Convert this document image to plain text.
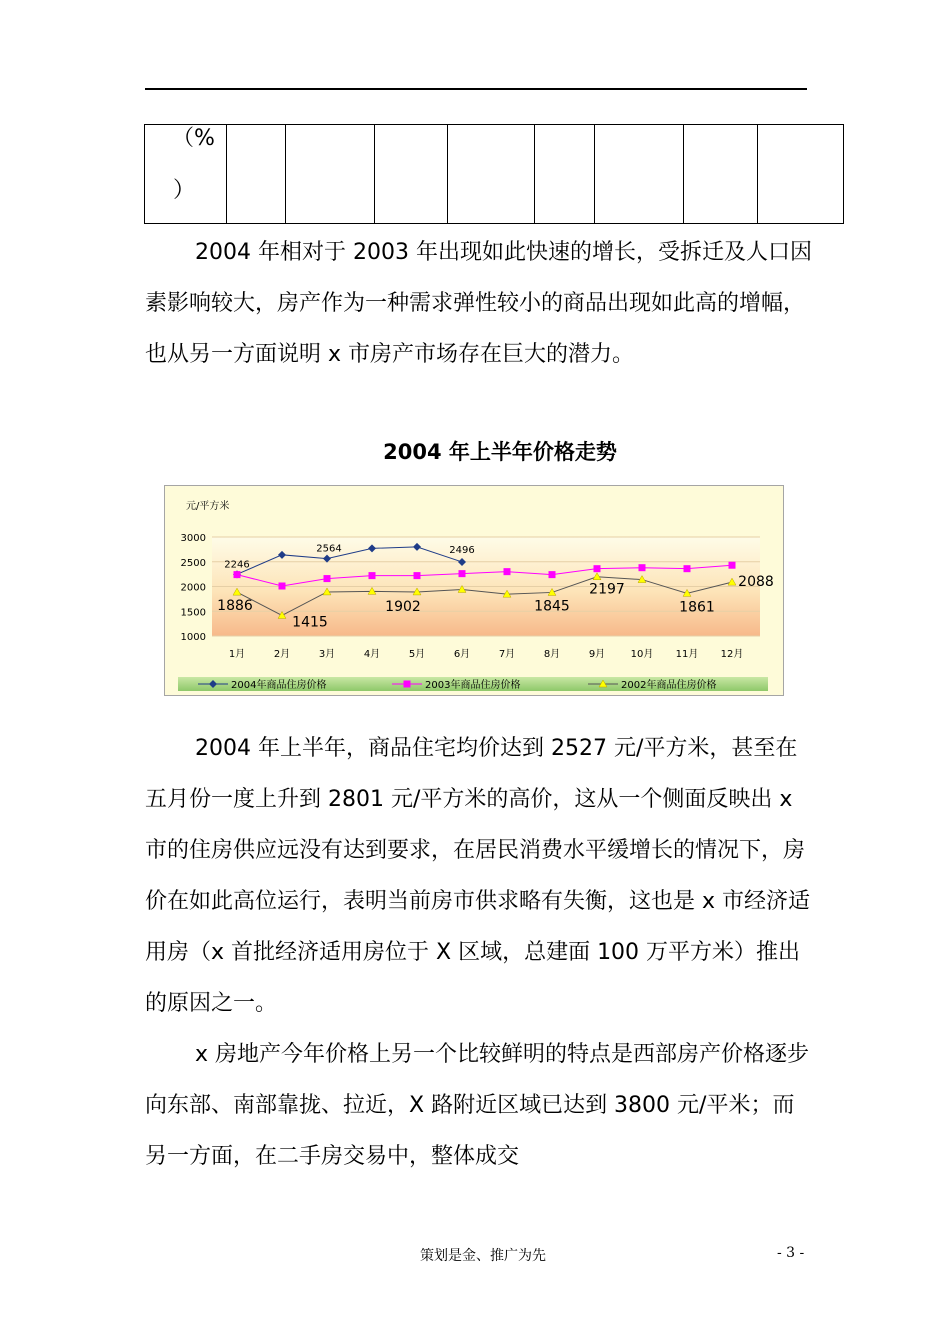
（%
）

2004 年相对于 2003 年出现如此快速的增长，受拆迁及人口因素影响较大，房产作为一种需求弹性较小的商品出现如此高的增幅，也从另一方面说明 x 市房产市场存在巨大的潜力。

2004 年上半年价格走势

1000
1500
2000
2500
3000
元/平方米
1月	2月	3月	4月	5月	6月	7月	8月	9月	10月 11月 12月
2246
2564	2496
1886
1415
1902	1845
2197
1861
2088
2004年商品住房价格	2003年商品住房价格	2002年商品住房价格

2004 年上半年，商品住宅均价达到 2527 元/平方米，甚至在五月份一度上升到 2801 元/平方米的高价，这从一个侧面反映出 x 市的住房供应远没有达到要求，在居民消费水平缓增长的情况下，房价在如此高位运行，表明当前房市供求略有失衡，这也是 x 市经济适用房（x 首批经济适用房位于 X 区域，总建面 100 万平方米）推出的原因之一。

x 房地产今年价格上另一个比较鲜明的特点是西部房产价格逐步向东部、南部靠拢、拉近，X 路附近区域已达到 3800 元/平米；而另一方面，在二手房交易中，整体成交

策划是金、推广为先	- 3 -
